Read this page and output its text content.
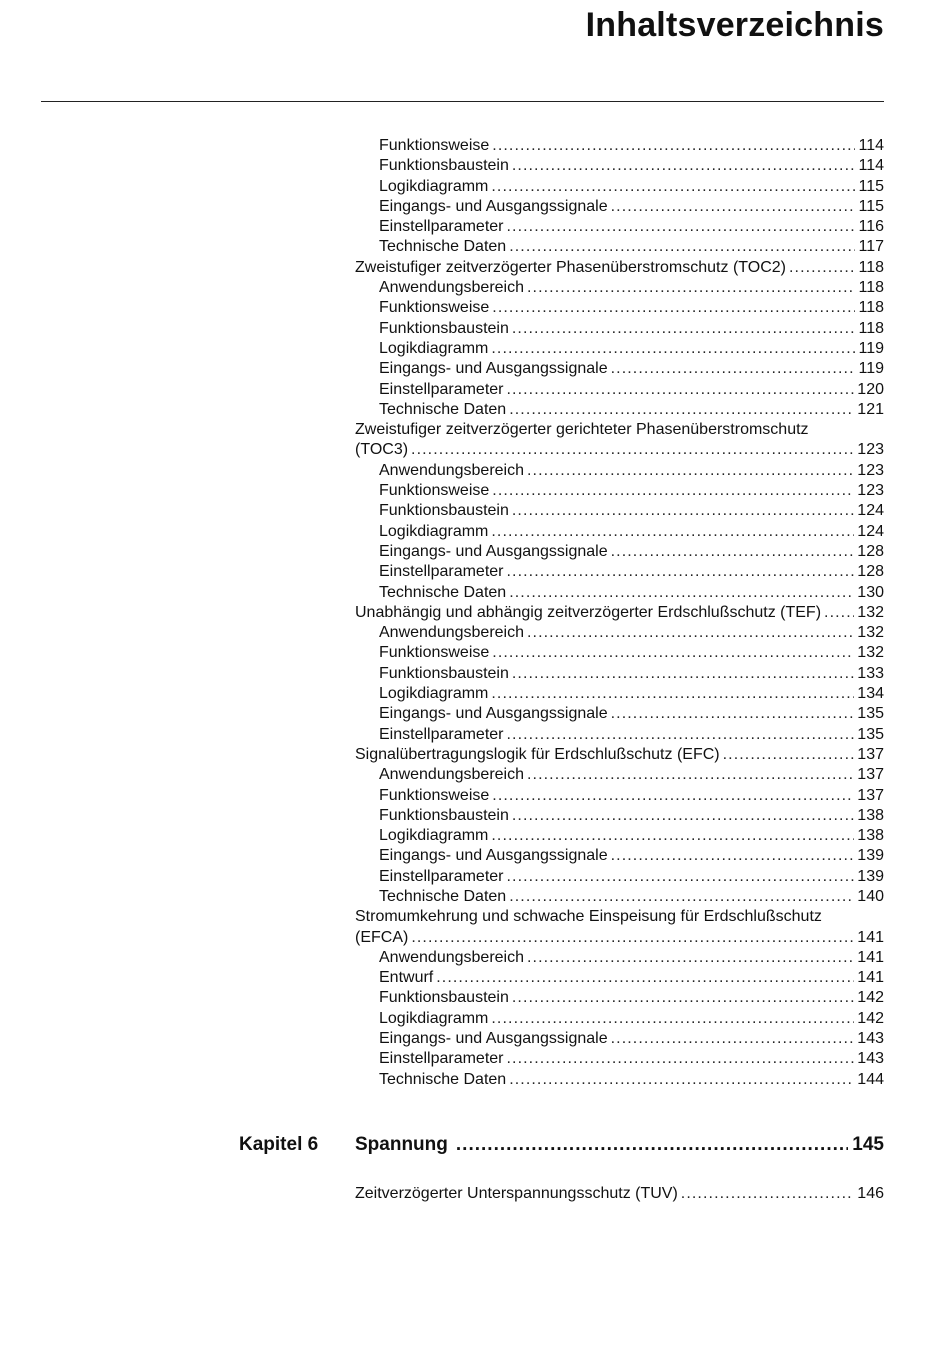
Inhaltsverzeichnis
Funktionsweise .....	114
Funktionsbaustein .....	114
Logikdiagramm .....	115
Eingangs- und Ausgangssignale .....	115
Einstellparameter .....	116
Technische Daten .....	117
Zweistufiger zeitverzögerter Phasenüberstromschutz (TOC2) .....	118
Anwendungsbereich .....	118
Funktionsweise .....	118
Funktionsbaustein .....	118
Logikdiagramm .....	119
Eingangs- und Ausgangssignale .....	119
Einstellparameter .....	120
Technische Daten .....	121
Zweistufiger zeitverzögerter gerichteter Phasenüberstromschutz
(TOC3) .....	123
Anwendungsbereich .....	123
Funktionsweise .....	123
Funktionsbaustein .....	124
Logikdiagramm .....	124
Eingangs- und Ausgangssignale .....	128
Einstellparameter .....	128
Technische Daten .....	130
Unabhängig und abhängig zeitverzögerter Erdschlußschutz (TEF) ..... 132
Anwendungsbereich .....	132
Funktionsweise .....	132
Funktionsbaustein .....	133
Logikdiagramm .....	134
Eingangs- und Ausgangssignale .....	135
Einstellparameter .....	135
Signalübertragungslogik für Erdschlußschutz (EFC) .....	137
Anwendungsbereich .....	137
Funktionsweise .....	137
Funktionsbaustein .....	138
Logikdiagramm .....	138
Eingangs- und Ausgangssignale .....	139
Einstellparameter .....	139
Technische Daten .....	140
Stromumkehrung und schwache Einspeisung für Erdschlußschutz
(EFCA) .....	141
Anwendungsbereich .....	141
Entwurf .....	141
Funktionsbaustein .....	142
Logikdiagramm .....	142
Eingangs- und Ausgangssignale .....	143
Einstellparameter .....	143
Technische Daten .....	144
Kapitel 6	Spannung .....	145
Zeitverzögerter Unterspannungsschutz (TUV) .....	146
